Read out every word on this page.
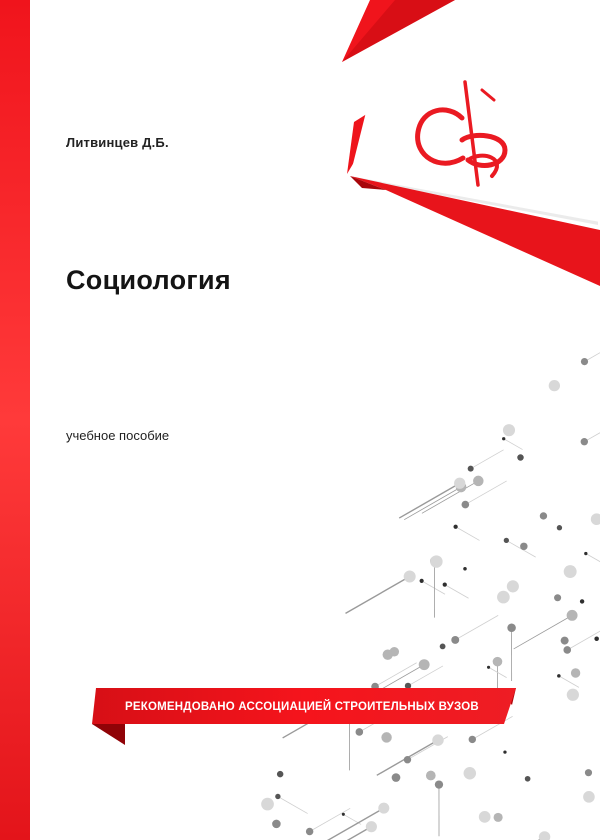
Литвинцев Д.Б.

Социология

учебное пособие

РЕКОМЕНДОВАНО АССОЦИАЦИЕЙ СТРОИТЕЛЬНЫХ ВУЗОВ
